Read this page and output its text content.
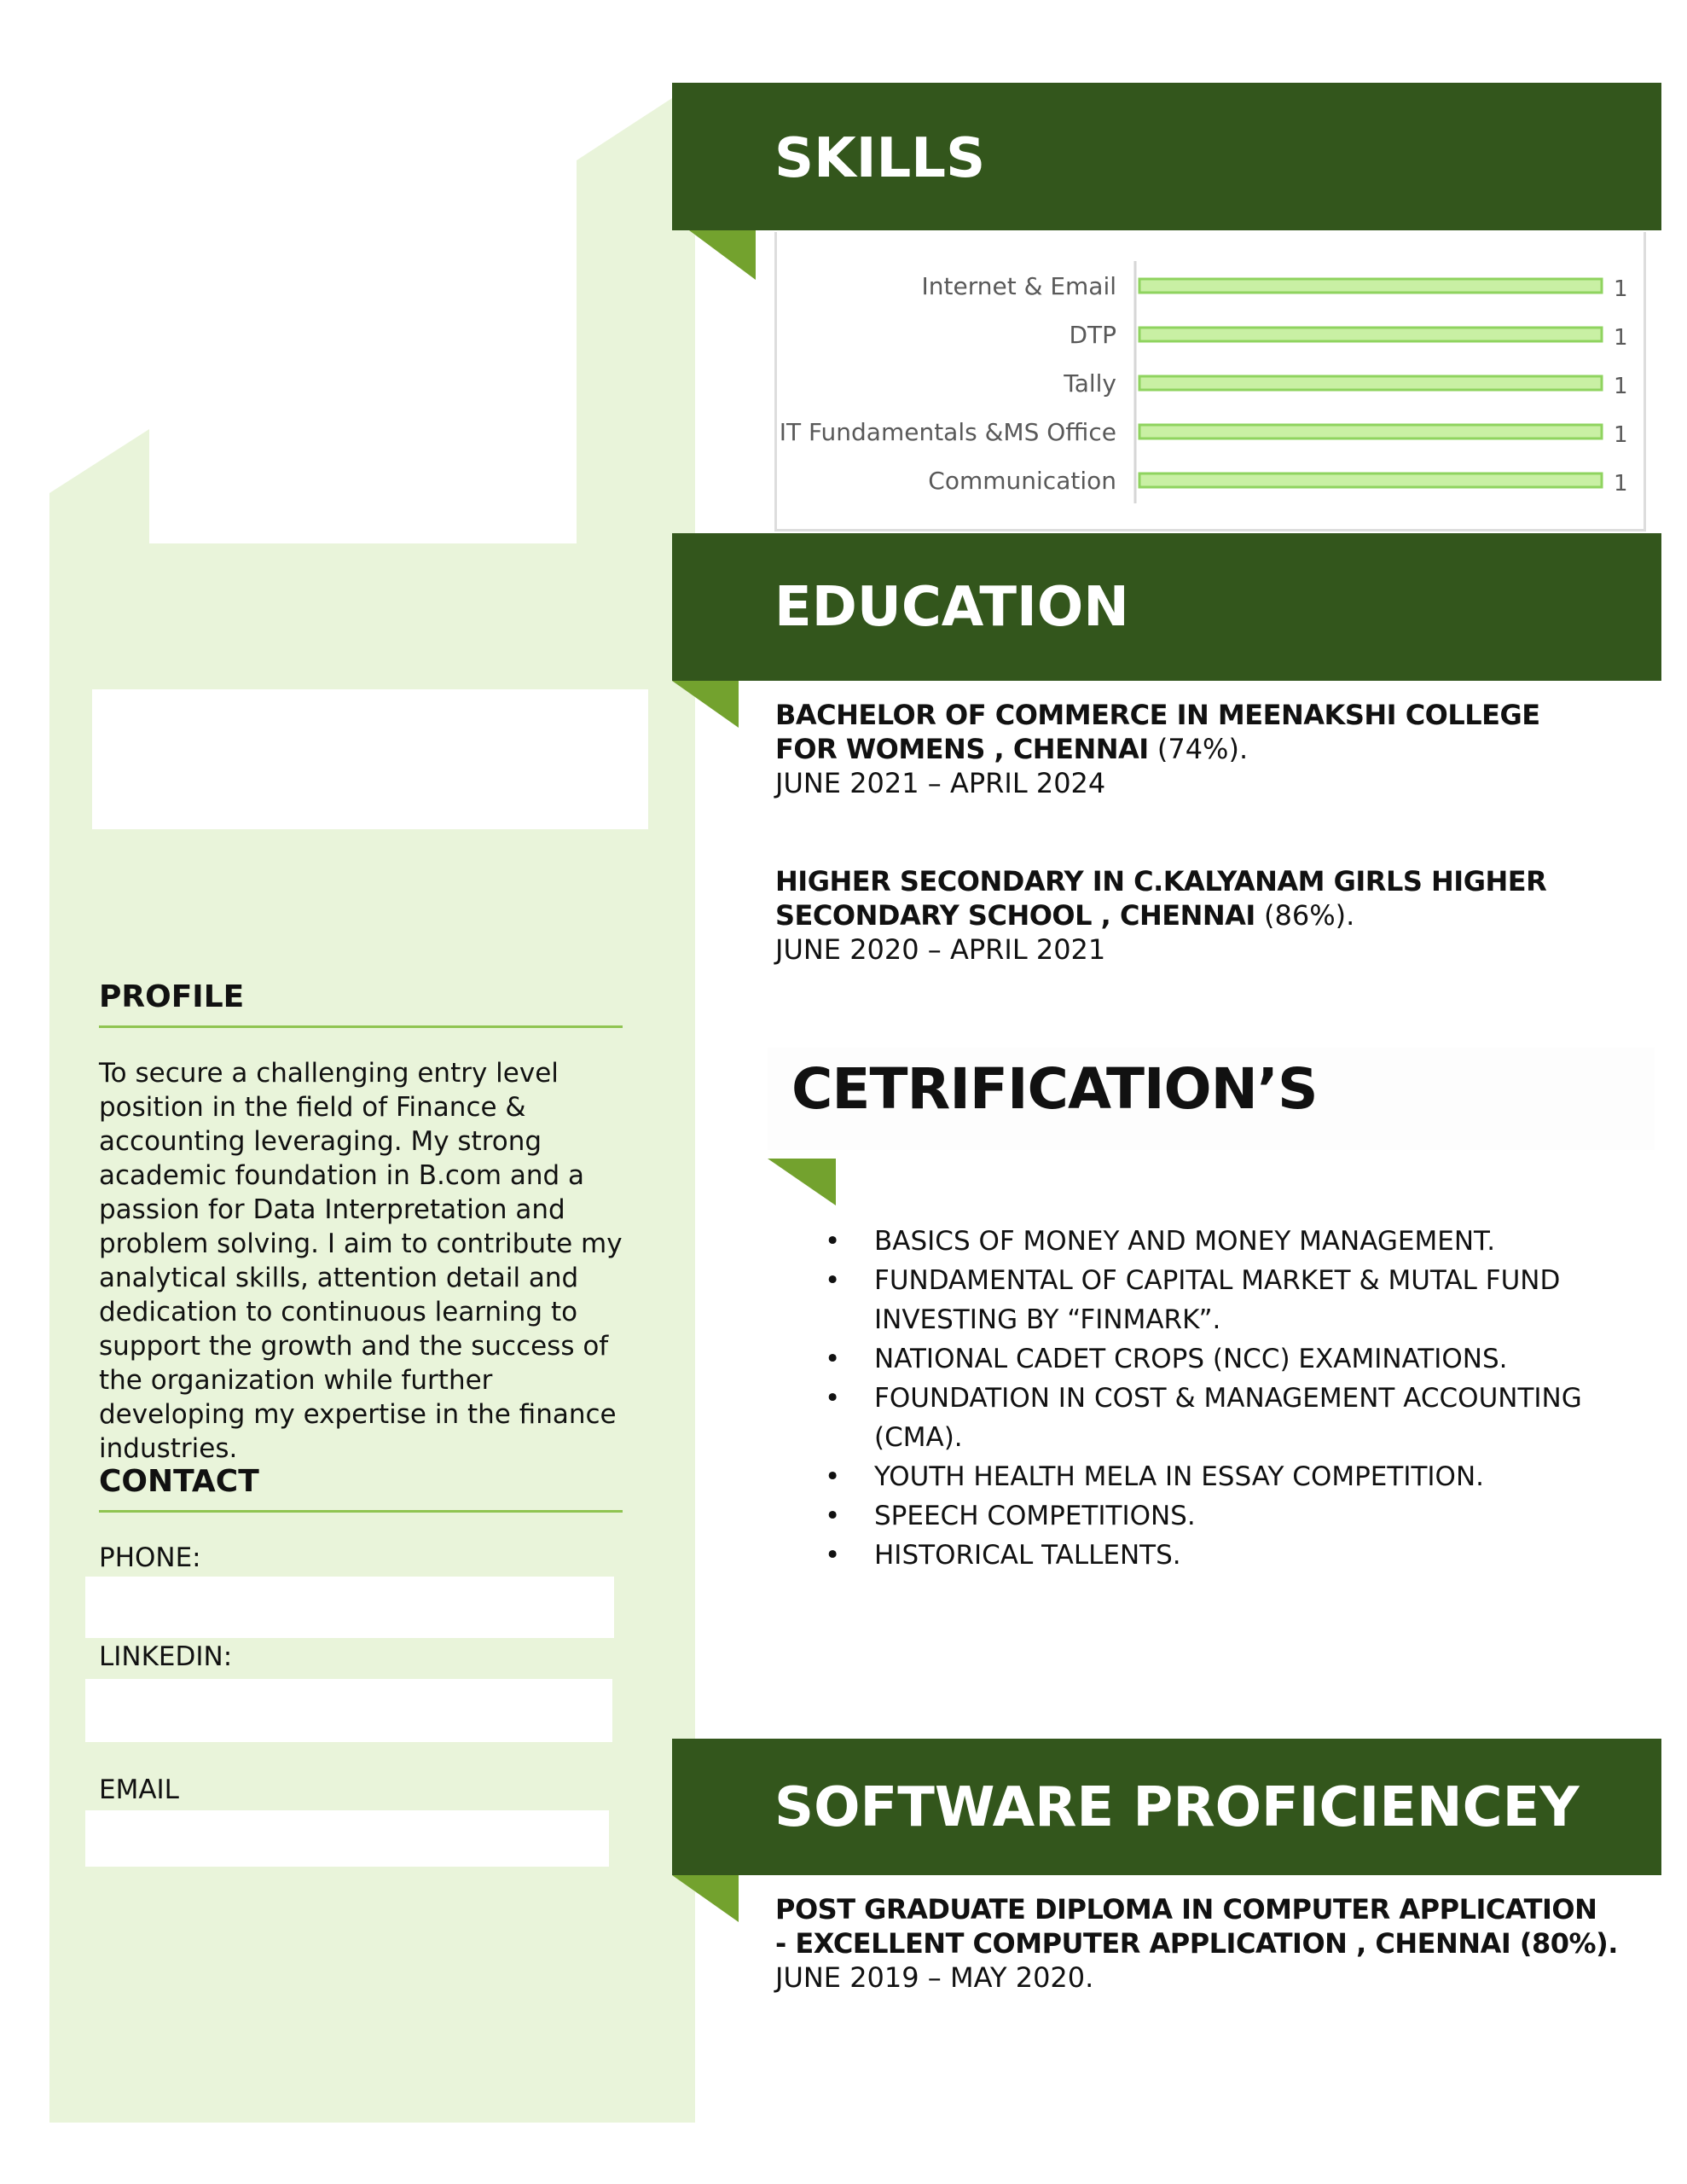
SKILLS
Internet & Email	1
DTP	1
Tally	1
IT Fundamentals &MS Office	1
Communication	1
EDUCATION
BACHELOR OF COMMERCE IN MEENAKSHI COLLEGE
FOR WOMENS , CHENNAI (74%).
JUNE 2021 – APRIL 2024
HIGHER SECONDARY IN C.KALYANAM GIRLS HIGHER
SECONDARY SCHOOL , CHENNAI (86%).
JUNE 2020 – APRIL 2021
CETRIFICATION’S
• BASICS OF MONEY AND MONEY MANAGEMENT.
• FUNDAMENTAL OF CAPITAL MARKET & MUTAL FUND INVESTING BY “FINMARK”.
• NATIONAL CADET CROPS (NCC) EXAMINATIONS.
• FOUNDATION IN COST & MANAGEMENT ACCOUNTING (CMA).
• YOUTH HEALTH MELA IN ESSAY COMPETITION.
• SPEECH COMPETITIONS.
• HISTORICAL TALLENTS.
SOFTWARE PROFICIENCEY
POST GRADUATE DIPLOMA IN COMPUTER APPLICATION
- EXCELLENT COMPUTER APPLICATION , CHENNAI (80%).
JUNE 2019 – MAY 2020.
PROFILE
To secure a challenging entry level position in the field of Finance & accounting leveraging. My strong academic foundation in B.com and a passion for Data Interpretation and problem solving. I aim to contribute my analytical skills, attention detail and dedication to continuous learning to support the growth and the success of the organization while further developing my expertise in the finance industries.
CONTACT
PHONE:
LINKEDIN:
EMAIL
